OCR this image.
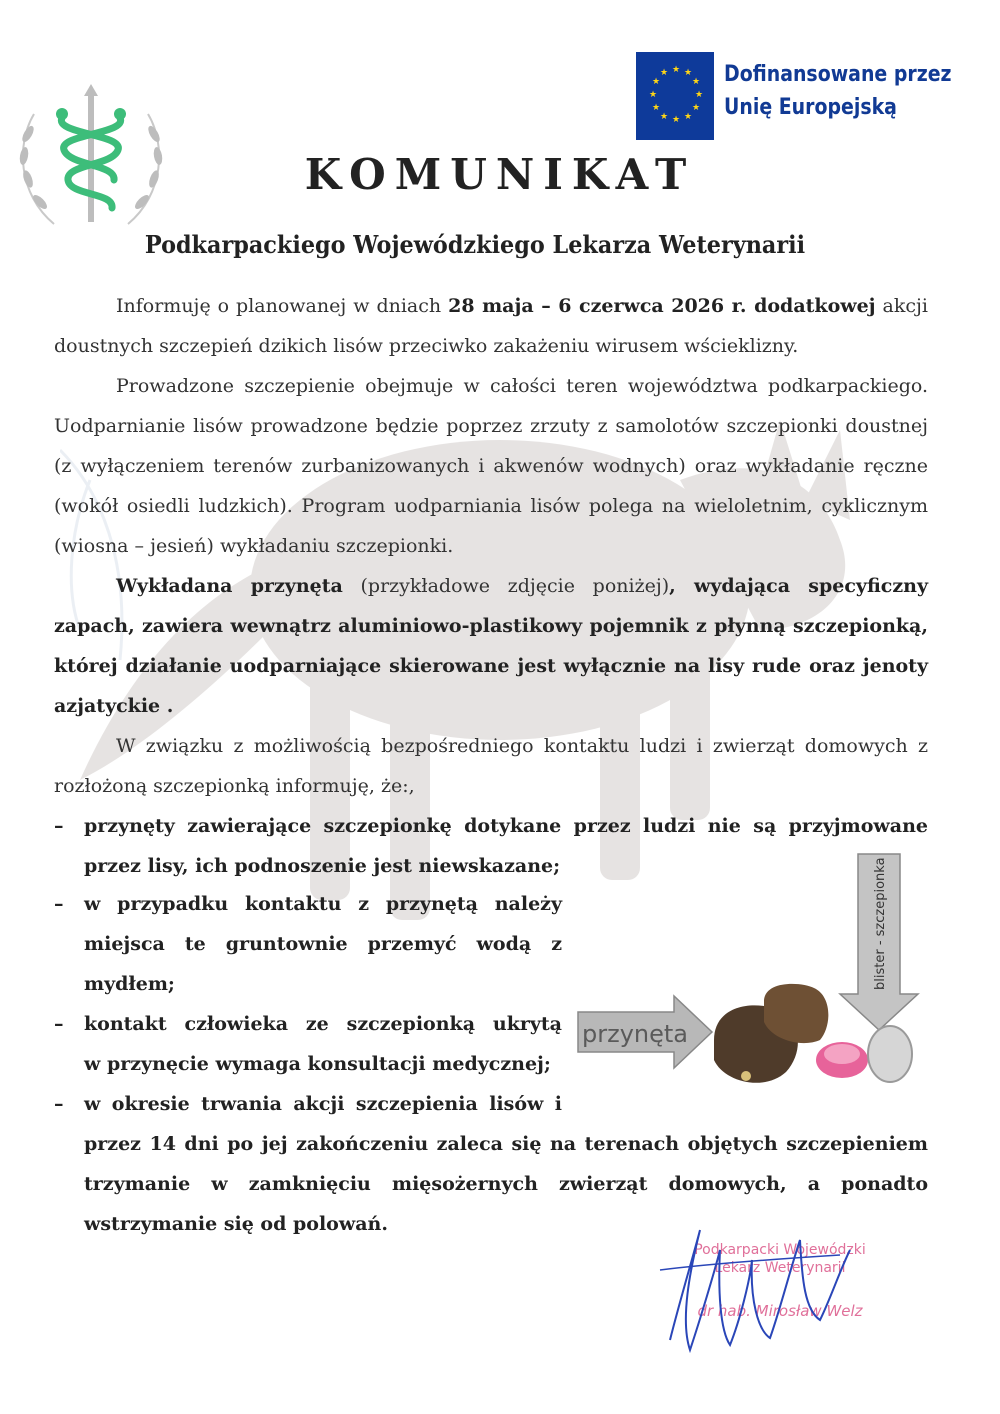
★ ★
★
★
★
★
★
★
★
★
★
★	Dofinansowane przez
Unię Europejską
KOMUNIKAT
Podkarpackiego Wojewódzkiego Lekarza Weterynarii
Informuję o planowanej w dniach 28 maja – 6 czerwca 2026 r. dodatkowej akcji doustnych szczepień dzikich lisów przeciwko zakażeniu wirusem wścieklizny.
Prowadzone szczepienie obejmuje w całości teren województwa podkarpackiego. Uodparnianie lisów prowadzone będzie poprzez zrzuty z samolotów szczepionki doustnej (z wyłączeniem terenów zurbanizowanych i akwenów wodnych) oraz wykładanie ręczne (wokół osiedli ludzkich). Program uodparniania lisów polega na wieloletnim, cyklicznym (wiosna – jesień) wykładaniu szczepionki.
Wykładana przynęta (przykładowe zdjęcie poniżej), wydająca specyficzny zapach, zawiera wewnątrz aluminiowo-plastikowy pojemnik z płynną szczepionką, której działanie uodparniające skierowane jest wyłącznie na lisy rude oraz jenoty azjatyckie .
W związku z możliwością bezpośredniego kontaktu ludzi i zwierząt domowych z rozłożoną szczepionką informuję, że:,
–	przynęty zawierające szczepionkę dotykane przez ludzi nie są przyjmowane przez lisy, ich podnoszenie jest niewskazane;
–	w przypadku kontaktu z przynętą należy
miejsca te gruntownie przemyć wodą z
mydłem;
–	kontakt człowieka ze szczepionką ukrytą
w przynęcie wymaga konsultacji medycznej;
–	w okresie trwania akcji szczepienia lisów i
przez 14 dni po jej zakończeniu zaleca się na terenach objętych szczepieniem trzymanie w zamknięciu mięsożernych zwierząt domowych, a ponadto wstrzymanie się od polowań.
przynęta
blister - szczepionka
Podkarpacki Wojewódzki
Lekarz Weterynarii
dr hab. Mirosław Welz
